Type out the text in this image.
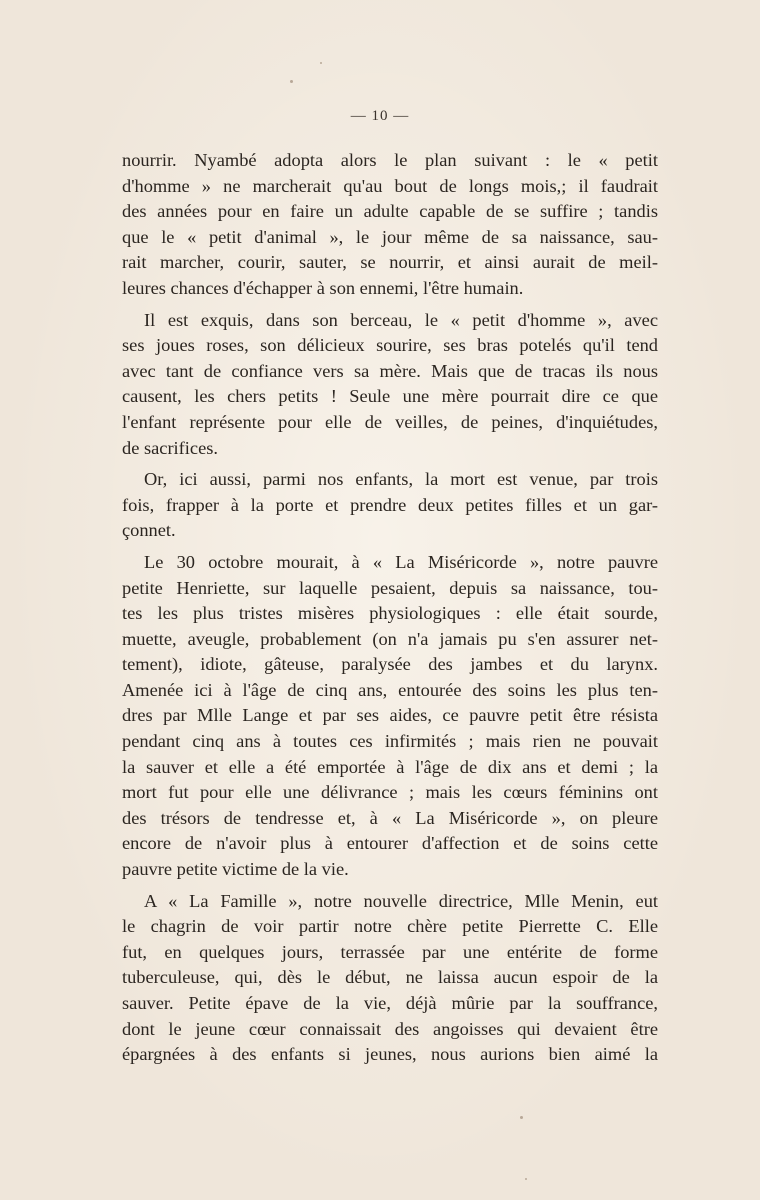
— 10 —
nourrir. Nyambé adopta alors le plan suivant : le « petit
d'homme » ne marcherait qu'au bout de longs mois,; il faudrait
des années pour en faire un adulte capable de se suffire ; tandis
que le « petit d'animal », le jour même de sa naissance, sau-
rait marcher, courir, sauter, se nourrir, et ainsi aurait de meil-
leures chances d'échapper à son ennemi, l'être humain.
Il est exquis, dans son berceau, le « petit d'homme », avec
ses joues roses, son délicieux sourire, ses bras potelés qu'il tend
avec tant de confiance vers sa mère. Mais que de tracas ils nous
causent, les chers petits ! Seule une mère pourrait dire ce que
l'enfant représente pour elle de veilles, de peines, d'inquiétudes,
de sacrifices.
Or, ici aussi, parmi nos enfants, la mort est venue, par trois
fois, frapper à la porte et prendre deux petites filles et un gar-
çonnet.
Le 30 octobre mourait, à « La Miséricorde », notre pauvre
petite Henriette, sur laquelle pesaient, depuis sa naissance, tou-
tes les plus tristes misères physiologiques : elle était sourde,
muette, aveugle, probablement (on n'a jamais pu s'en assurer net-
tement), idiote, gâteuse, paralysée des jambes et du larynx.
Amenée ici à l'âge de cinq ans, entourée des soins les plus ten-
dres par Mlle Lange et par ses aides, ce pauvre petit être résista
pendant cinq ans à toutes ces infirmités ; mais rien ne pouvait
la sauver et elle a été emportée à l'âge de dix ans et demi ; la
mort fut pour elle une délivrance ; mais les cœurs féminins ont
des trésors de tendresse et, à « La Miséricorde », on pleure
encore de n'avoir plus à entourer d'affection et de soins cette
pauvre petite victime de la vie.
A « La Famille », notre nouvelle directrice, Mlle Menin, eut
le chagrin de voir partir notre chère petite Pierrette C. Elle
fut, en quelques jours, terrassée par une entérite de forme
tuberculeuse, qui, dès le début, ne laissa aucun espoir de la
sauver. Petite épave de la vie, déjà mûrie par la souffrance,
dont le jeune cœur connaissait des angoisses qui devaient être
épargnées à des enfants si jeunes, nous aurions bien aimé la
